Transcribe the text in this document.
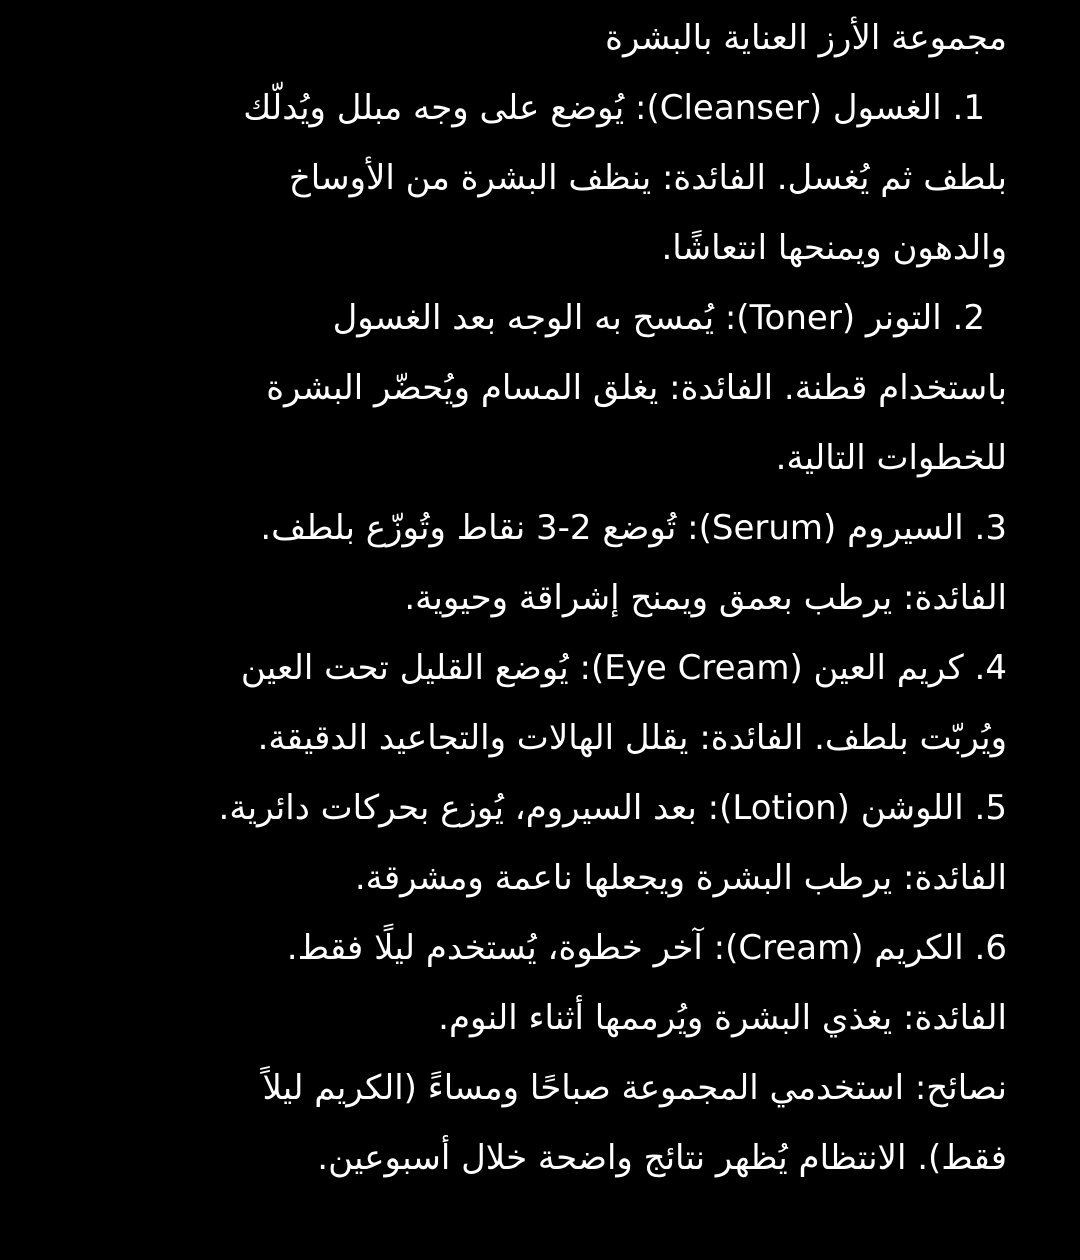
مجموعة الأرز العناية بالبشرة
1. الغسول (Cleanser): يُوضع على وجه مبلل ويُدلّك
بلطف ثم يُغسل. الفائدة: ينظف البشرة من الأوساخ
والدهون ويمنحها انتعاشًا.
2. التونر (Toner): يُمسح به الوجه بعد الغسول
باستخدام قطنة. الفائدة: يغلق المسام ويُحضّر البشرة
للخطوات التالية.
3. السيروم (Serum): تُوضع 2-3 نقاط وتُوزّع بلطف.
الفائدة: يرطب بعمق ويمنح إشراقة وحيوية.
4. كريم العين (Eye Cream): يُوضع القليل تحت العين
ويُربّت بلطف. الفائدة: يقلل الهالات والتجاعيد الدقيقة.
5. اللوشن (Lotion): بعد السيروم، يُوزع بحركات دائرية.
الفائدة: يرطب البشرة ويجعلها ناعمة ومشرقة.
6. الكريم (Cream): آخر خطوة، يُستخدم ليلًا فقط.
الفائدة: يغذي البشرة ويُرممها أثناء النوم.
نصائح: استخدمي المجموعة صباحًا ومساءً (الكريم ليلاً
فقط). الانتظام يُظهر نتائج واضحة خلال أسبوعين.
